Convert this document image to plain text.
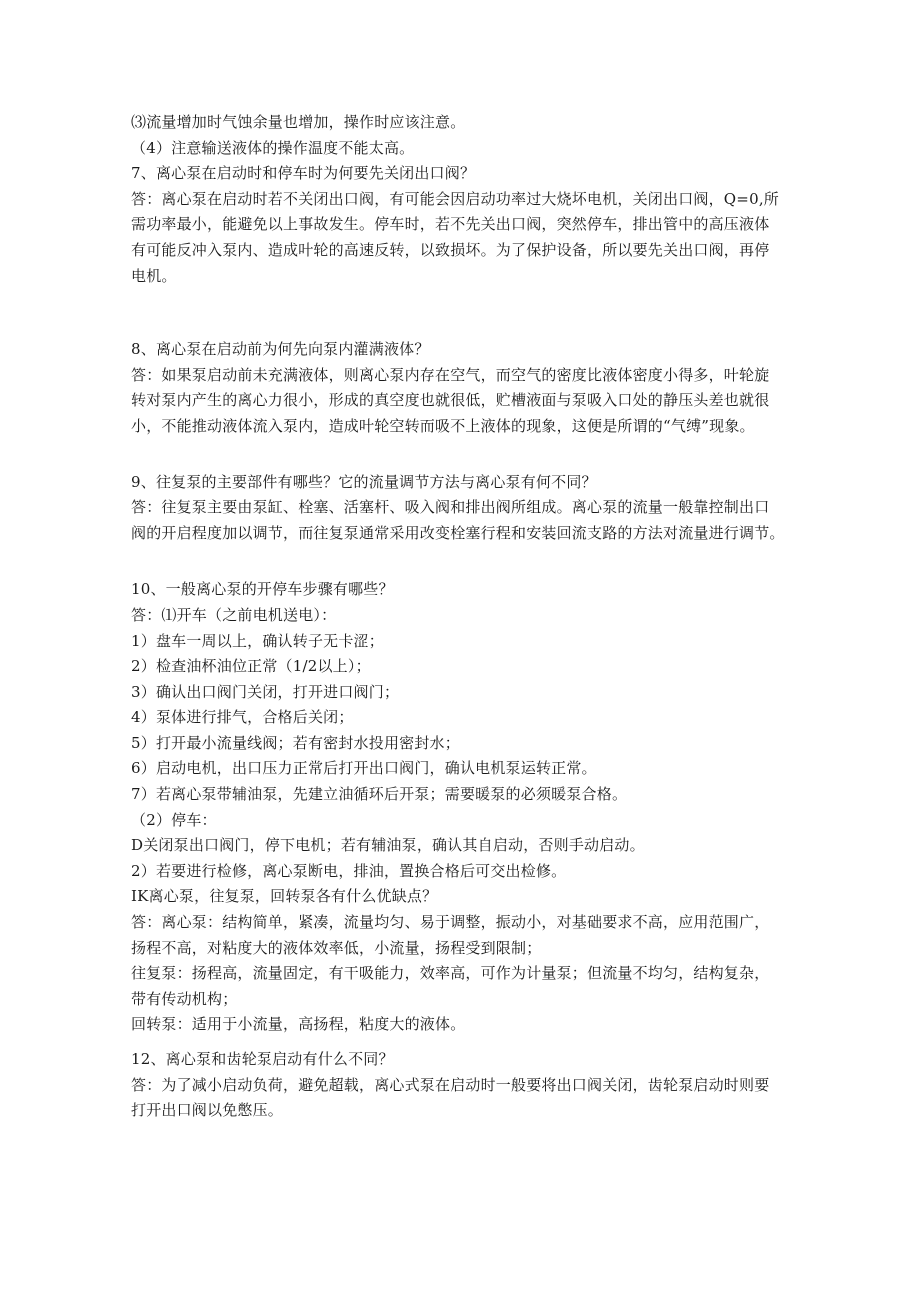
⑶流量增加时气蚀余量也增加，操作时应该注意。
（4）注意输送液体的操作温度不能太高。
7、离心泵在启动时和停车时为何要先关闭出口阀？
答：离心泵在启动时若不关闭出口阀，有可能会因启动功率过大烧坏电机，关闭出口阀，Q=0,所
需功率最小，能避免以上事故发生。停车时，若不先关出口阀，突然停车，排出管中的高压液体
有可能反冲入泵内、造成叶轮的高速反转，以致损坏。为了保护设备，所以要先关出口阀，再停
电机。
8、离心泵在启动前为何先向泵内灌满液体？
答：如果泵启动前未充满液体，则离心泵内存在空气，而空气的密度比液体密度小得多，叶轮旋
转对泵内产生的离心力很小，形成的真空度也就很低，贮槽液面与泵吸入口处的静压头差也就很
小，不能推动液体流入泵内，造成叶轮空转而吸不上液体的现象，这便是所谓的“气缚”现象。
9、往复泵的主要部件有哪些？它的流量调节方法与离心泵有何不同？
答：往复泵主要由泵缸、栓塞、活塞杆、吸入阀和排出阀所组成。离心泵的流量一般靠控制出口
阀的开启程度加以调节，而往复泵通常采用改变栓塞行程和安装回流支路的方法对流量进行调节。
10、一般离心泵的开停车步骤有哪些？
答：⑴开车（之前电机送电）：
1）盘车一周以上，确认转子无卡涩；
2）检查油杯油位正常（1/2以上）；
3）确认出口阀门关闭，打开进口阀门；
4）泵体进行排气，合格后关闭；
5）打开最小流量线阀；若有密封水投用密封水；
6）启动电机，出口压力正常后打开出口阀门，确认电机泵运转正常。
7）若离心泵带辅油泵，先建立油循环后开泵；需要暖泵的必须暖泵合格。
（2）停车：
D关闭泵出口阀门，停下电机；若有辅油泵，确认其自启动，否则手动启动。
2）若要进行检修，离心泵断电，排油，置换合格后可交出检修。
IK离心泵，往复泵，回转泵各有什么优缺点？
答：离心泵：结构简单，紧凑，流量均匀、易于调整，振动小，对基础要求不高，应用范围广，
扬程不高，对粘度大的液体效率低，小流量，扬程受到限制；
往复泵：扬程高，流量固定，有干吸能力，效率高，可作为计量泵；但流量不均匀，结构复杂，
带有传动机构；
回转泵：适用于小流量，高扬程，粘度大的液体。
12、离心泵和齿轮泵启动有什么不同？
答：为了减小启动负荷，避免超载，离心式泵在启动时一般要将出口阀关闭，齿轮泵启动时则要
打开出口阀以免憋压。
